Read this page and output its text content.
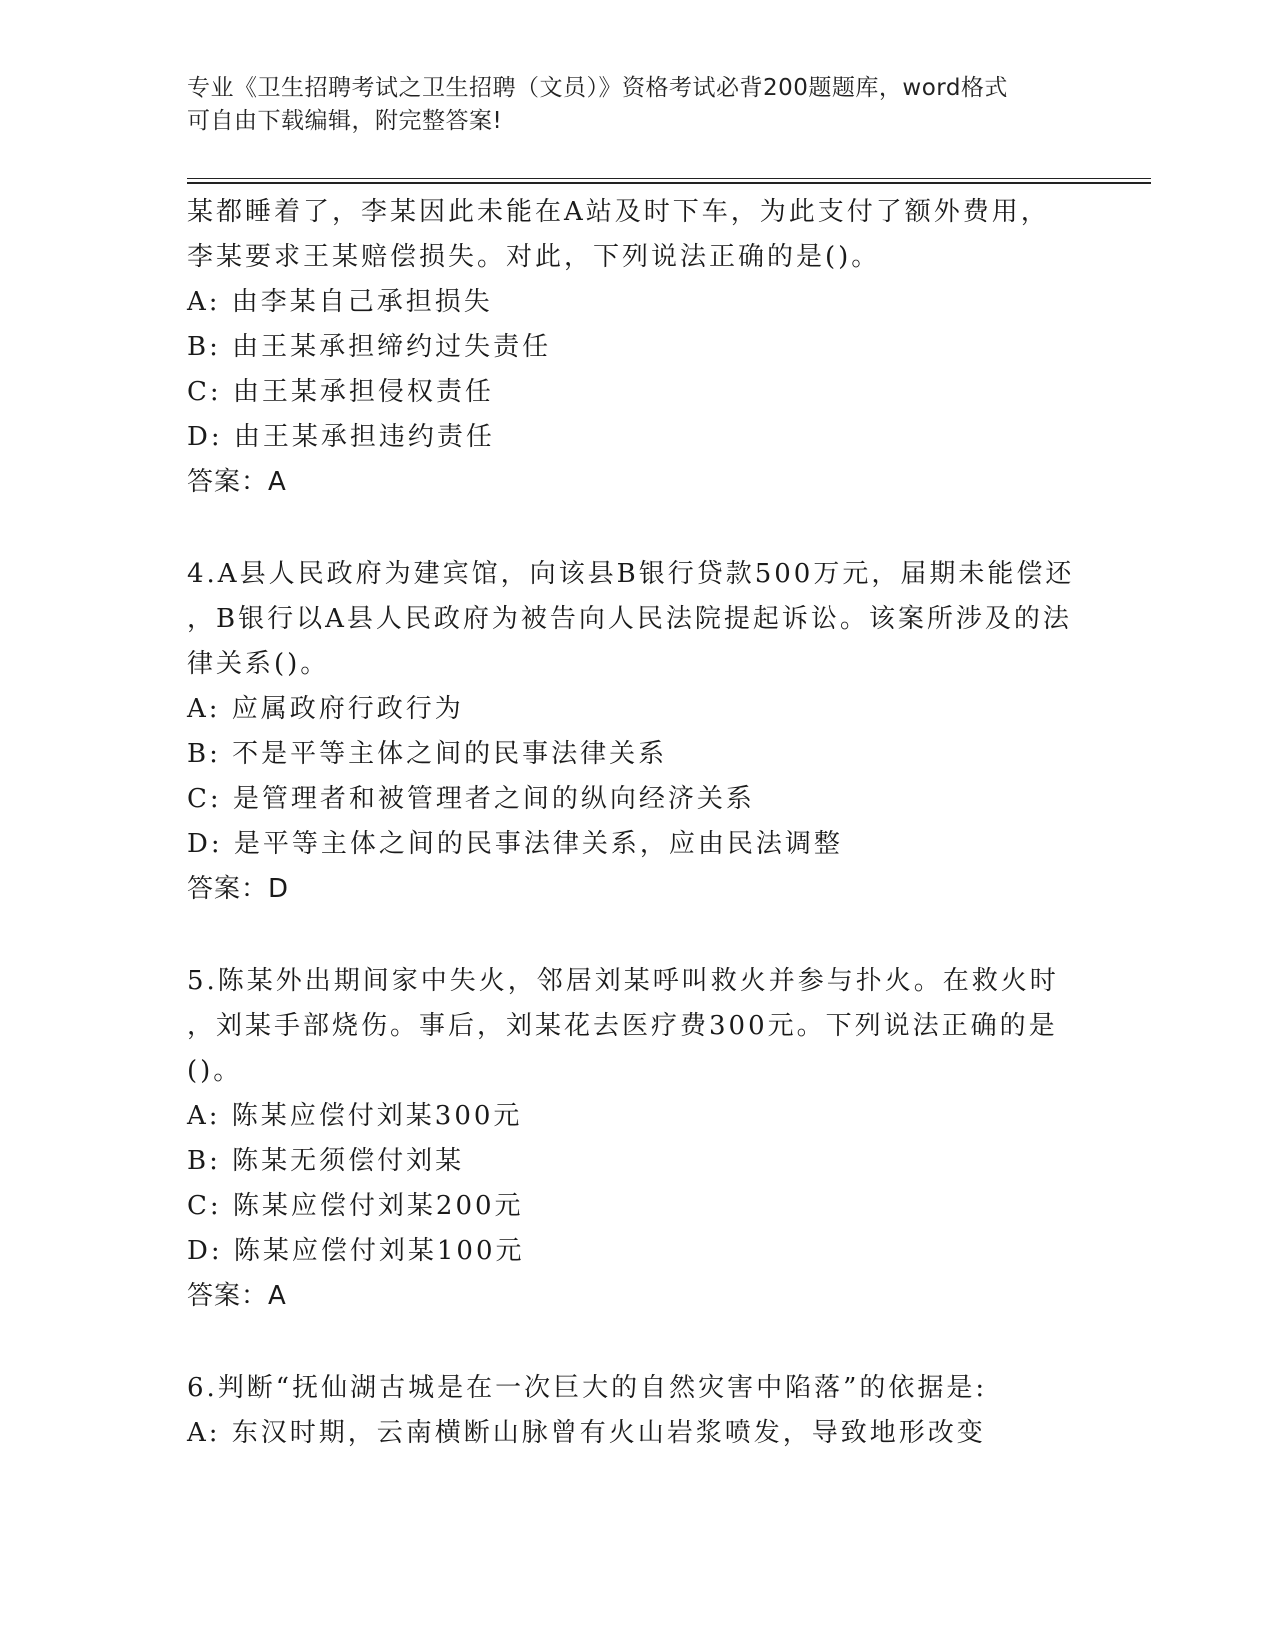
专业《卫生招聘考试之卫生招聘（文员）》资格考试必背200题题库，word格式
可自由下载编辑，附完整答案!
某都睡着了，李某因此未能在A站及时下车，为此支付了额外费用，
李某要求王某赔偿损失。对此，下列说法正确的是()。
A: 由李某自己承担损失
B: 由王某承担缔约过失责任
C: 由王某承担侵权责任
D: 由王某承担违约责任
答案：A
4.A县人民政府为建宾馆，向该县B银行贷款500万元，届期未能偿还
，B银行以A县人民政府为被告向人民法院提起诉讼。该案所涉及的法
律关系()。
A: 应属政府行政行为
B: 不是平等主体之间的民事法律关系
C: 是管理者和被管理者之间的纵向经济关系
D: 是平等主体之间的民事法律关系，应由民法调整
答案：D
5.陈某外出期间家中失火，邻居刘某呼叫救火并参与扑火。在救火时
，刘某手部烧伤。事后，刘某花去医疗费300元。下列说法正确的是
()。
A: 陈某应偿付刘某300元
B: 陈某无须偿付刘某
C: 陈某应偿付刘某200元
D: 陈某应偿付刘某100元
答案：A
6.判断“抚仙湖古城是在一次巨大的自然灾害中陷落”的依据是:
A: 东汉时期，云南横断山脉曾有火山岩浆喷发，导致地形改变
